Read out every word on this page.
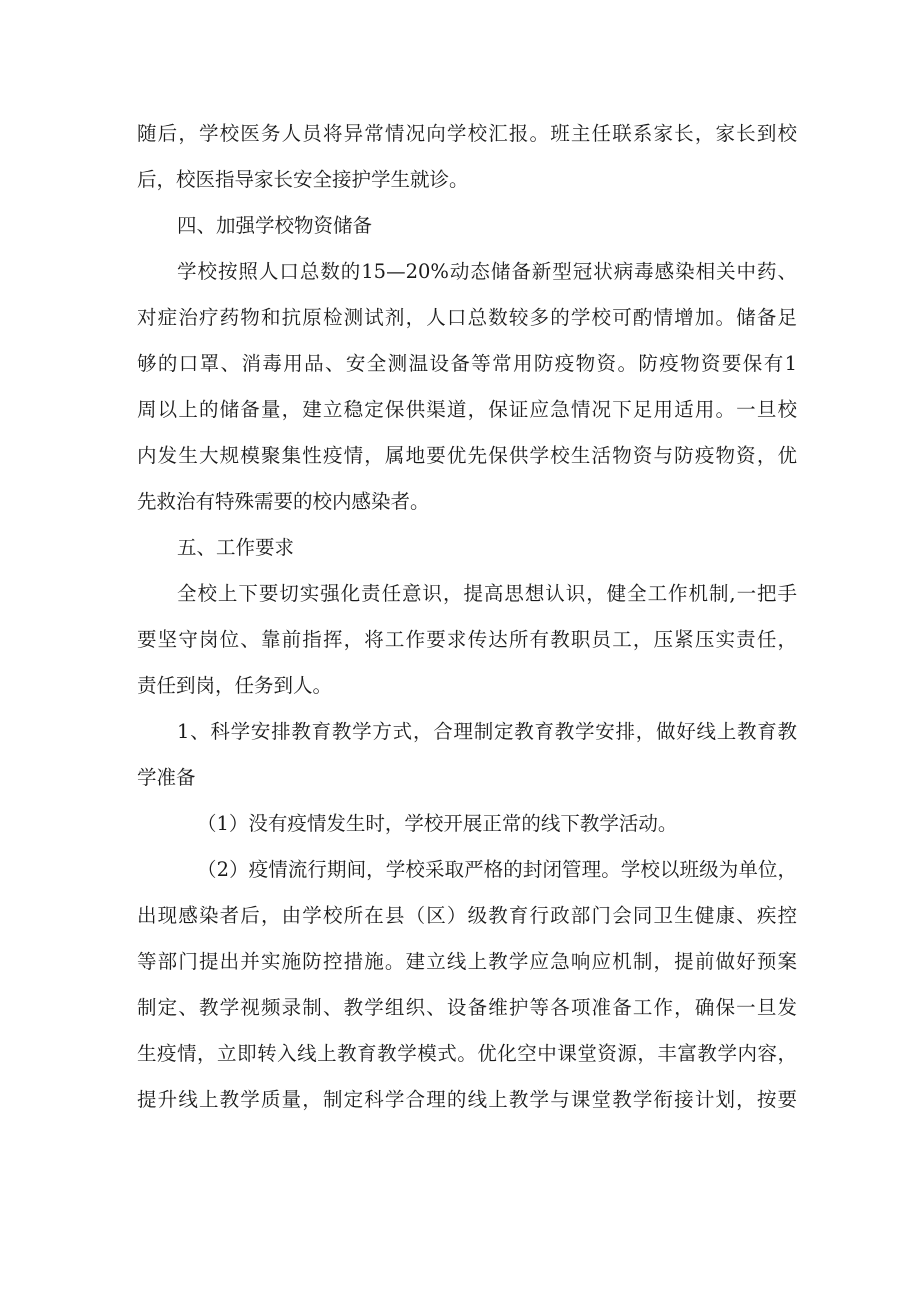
随后，学校医务人员将异常情况向学校汇报。班主任联系家长，家长到校
后，校医指导家长安全接护学生就诊。
四、加强学校物资储备
学校按照人口总数的15—20%动态储备新型冠状病毒感染相关中药、
对症治疗药物和抗原检测试剂，人口总数较多的学校可酌情增加。储备足
够的口罩、消毒用品、安全测温设备等常用防疫物资。防疫物资要保有1
周以上的储备量，建立稳定保供渠道，保证应急情况下足用适用。一旦校
内发生大规模聚集性疫情，属地要优先保供学校生活物资与防疫物资，优
先救治有特殊需要的校内感染者。
五、工作要求
全校上下要切实强化责任意识，提高思想认识，健全工作机制,一把手
要坚守岗位、靠前指挥，将工作要求传达所有教职员工，压紧压实责任，
责任到岗，任务到人。
1、科学安排教育教学方式，合理制定教育教学安排，做好线上教育教
学准备
（1）没有疫情发生时，学校开展正常的线下教学活动。
（2）疫情流行期间，学校采取严格的封闭管理。学校以班级为单位，
出现感染者后，由学校所在县（区）级教育行政部门会同卫生健康、疾控
等部门提出并实施防控措施。建立线上教学应急响应机制，提前做好预案
制定、教学视频录制、教学组织、设备维护等各项准备工作，确保一旦发
生疫情，立即转入线上教育教学模式。优化空中课堂资源，丰富教学内容，
提升线上教学质量，制定科学合理的线上教学与课堂教学衔接计划，按要
